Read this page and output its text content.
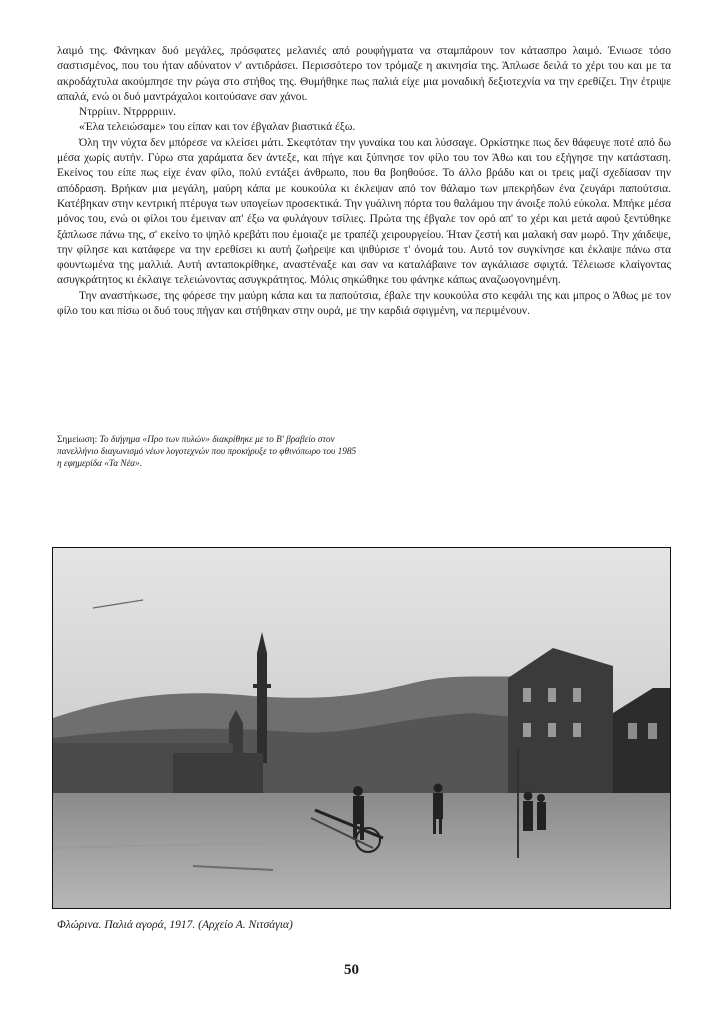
λαιμό της. Φάνηκαν δυό μεγάλες, πρόσφατες μελανιές από ρουφήγματα να σταμπάρουν τον κάτασπρο λαιμό. Ένιωσε τόσο σαστισμένος, που του ήταν αδύνατον ν' αντιδράσει. Περισσότερο τον τρόμαζε η ακινησία της. Άπλωσε δειλά το χέρι του και με τα ακροδάχτυλα ακούμπησε την ρώγα στο στήθος της. Θυμήθηκε πως παλιά είχε μια μοναδική δεξιοτεχνία να την ερεθίζει. Την έτριψε απαλά, ενώ οι δυό μαντράχαλοι κοιτούσανε σαν χάνοι.

Ντρρίιιν. Ντρρρριιιν.

«Έλα τελειώσαμε» του είπαν και τον έβγαλαν βιαστικά έξω.

Όλη την νύχτα δεν μπόρεσε να κλείσει μάτι. Σκεφτόταν την γυναίκα του και λύσσαγε. Ορκίστηκε πως δεν θάφευγε ποτέ από δω μέσα χωρίς αυτήν. Γύρω στα χαράματα δεν άντεξε, και πήγε και ξύπνησε τον φίλο του τον Άθω και του εξήγησε την κατάσταση. Εκείνος του είπε πως είχε έναν φίλο, πολύ εντάξει άνθρωπο, που θα βοηθούσε. Το άλλο βράδυ και οι τρεις μαζί σχεδίασαν την απόδραση. Βρήκαν μια μεγάλη, μαύρη κάπα με κουκούλα κι έκλεψαν από τον θάλαμο των μπεκρήδων ένα ζευγάρι παπούτσια. Κατέβηκαν στην κεντρική πτέρυγα των υπογείων προσεκτικά. Την γυάλινη πόρτα του θαλάμου την άνοιξε πολύ εύκολα. Μπήκε μέσα μόνος του, ενώ οι φίλοι του έμειναν απ' έξω να φυλάγουν τσίλιες. Πρώτα της έβγαλε τον ορό απ' το χέρι και μετά αφού ξεντύθηκε ξάπλωσε πάνω της, σ' εκείνο το ψηλό κρεβάτι που έμοιαζε με τραπέζι χειρουργείου. Ήταν ζεστή και μαλακή σαν μωρό. Την χάιδεψε, την φίλησε και κατάφερε να την ερεθίσει κι αυτή ζωήρεψε και ψιθύρισε τ' όνομά του. Αυτό τον συγκίνησε και έκλαψε πάνω στα φουντωμένα της μαλλιά. Αυτή ανταποκρίθηκε, αναστέναξε και σαν να καταλάβαινε τον αγκάλιασε σφιχτά. Τέλειωσε κλαίγοντας ασυγκράτητος κι έκλαιγε τελειώνοντας ασυγκράτητος. Μόλις σηκώθηκε του φάνηκε κάπως αναζωογονημένη.

Την αναστήκωσε, της φόρεσε την μαύρη κάπα και τα παπούτσια, έβαλε την κουκούλα στο κεφάλι της και μπρος ο Άθως με τον φίλο του και πίσω οι δυό τους πήγαν και στήθηκαν στην ουρά, με την καρδιά σφιγμένη, να περιμένουν.

Σημείωση: Το διήγημα «Προ των πυλών» διακρίθηκε με το Β' βραβείο στον πανελλήνιο διαγωνισμό νέων λογοτεχνών που προκήρυξε το φθινόπωρο του 1985 η εφημερίδα «Τα Νέα».
Φλώρινα. Παλιά αγορά, 1917. (Αρχείο Α. Νιτσάγια)
50
